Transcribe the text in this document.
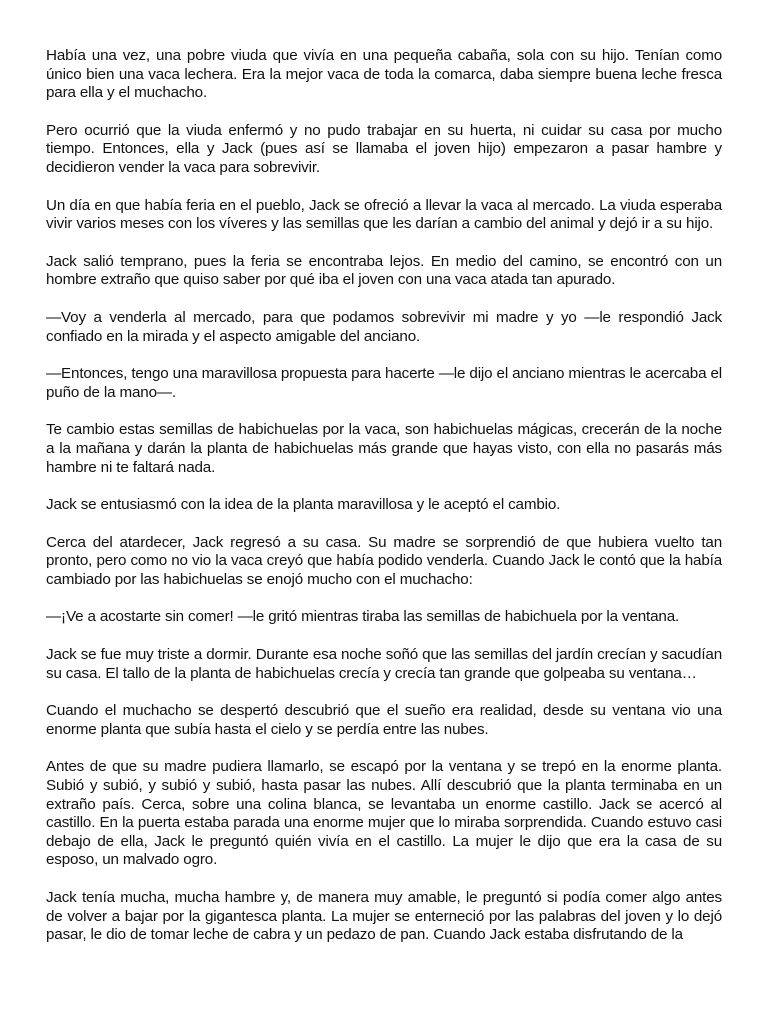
Había una vez, una pobre viuda que vivía en una pequeña cabaña, sola con su hijo. Tenían como único bien una vaca lechera. Era la mejor vaca de toda la comarca, daba siempre buena leche fresca para ella y el muchacho.

Pero ocurrió que la viuda enfermó y no pudo trabajar en su huerta, ni cuidar su casa por mucho tiempo. Entonces, ella y Jack (pues así se llamaba el joven hijo) empezaron a pasar hambre y decidieron vender la vaca para sobrevivir.

Un día en que había feria en el pueblo, Jack se ofreció a llevar la vaca al mercado. La viuda esperaba vivir varios meses con los víveres y las semillas que les darían a cambio del animal y dejó ir a su hijo.

Jack salió temprano, pues la feria se encontraba lejos. En medio del camino, se encontró con un hombre extraño que quiso saber por qué iba el joven con una vaca atada tan apurado.

—Voy a venderla al mercado, para que podamos sobrevivir mi madre y yo —le respondió Jack confiado en la mirada y el aspecto amigable del anciano.

—Entonces, tengo una maravillosa propuesta para hacerte —le dijo el anciano mientras le acercaba el puño de la mano—.

Te cambio estas semillas de habichuelas por la vaca, son habichuelas mágicas, crecerán de la noche a la mañana y darán la planta de habichuelas más grande que hayas visto, con ella no pasarás más hambre ni te faltará nada.

Jack se entusiasmó con la idea de la planta maravillosa y le aceptó el cambio.

Cerca del atardecer, Jack regresó a su casa. Su madre se sorprendió de que hubiera vuelto tan pronto, pero como no vio la vaca creyó que había podido venderla. Cuando Jack le contó que la había cambiado por las habichuelas se enojó mucho con el muchacho:

—¡Ve a acostarte sin comer! —le gritó mientras tiraba las semillas de habichuela por la ventana.

Jack se fue muy triste a dormir. Durante esa noche soñó que las semillas del jardín crecían y sacudían su casa. El tallo de la planta de habichuelas crecía y crecía tan grande que golpeaba su ventana…

Cuando el muchacho se despertó descubrió que el sueño era realidad, desde su ventana vio una enorme planta que subía hasta el cielo y se perdía entre las nubes.

Antes de que su madre pudiera llamarlo, se escapó por la ventana y se trepó en la enorme planta. Subió y subió, y subió y subió, hasta pasar las nubes. Allí descubrió que la planta terminaba en un extraño país. Cerca, sobre una colina blanca, se levantaba un enorme castillo. Jack se acercó al castillo. En la puerta estaba parada una enorme mujer que lo miraba sorprendida. Cuando estuvo casi debajo de ella, Jack le preguntó quién vivía en el castillo. La mujer le dijo que era la casa de su esposo, un malvado ogro.

Jack tenía mucha, mucha hambre y, de manera muy amable, le preguntó si podía comer algo antes de volver a bajar por la gigantesca planta. La mujer se enterneció por las palabras del joven y lo dejó pasar, le dio de tomar leche de cabra y un pedazo de pan. Cuando Jack estaba disfrutando de la
